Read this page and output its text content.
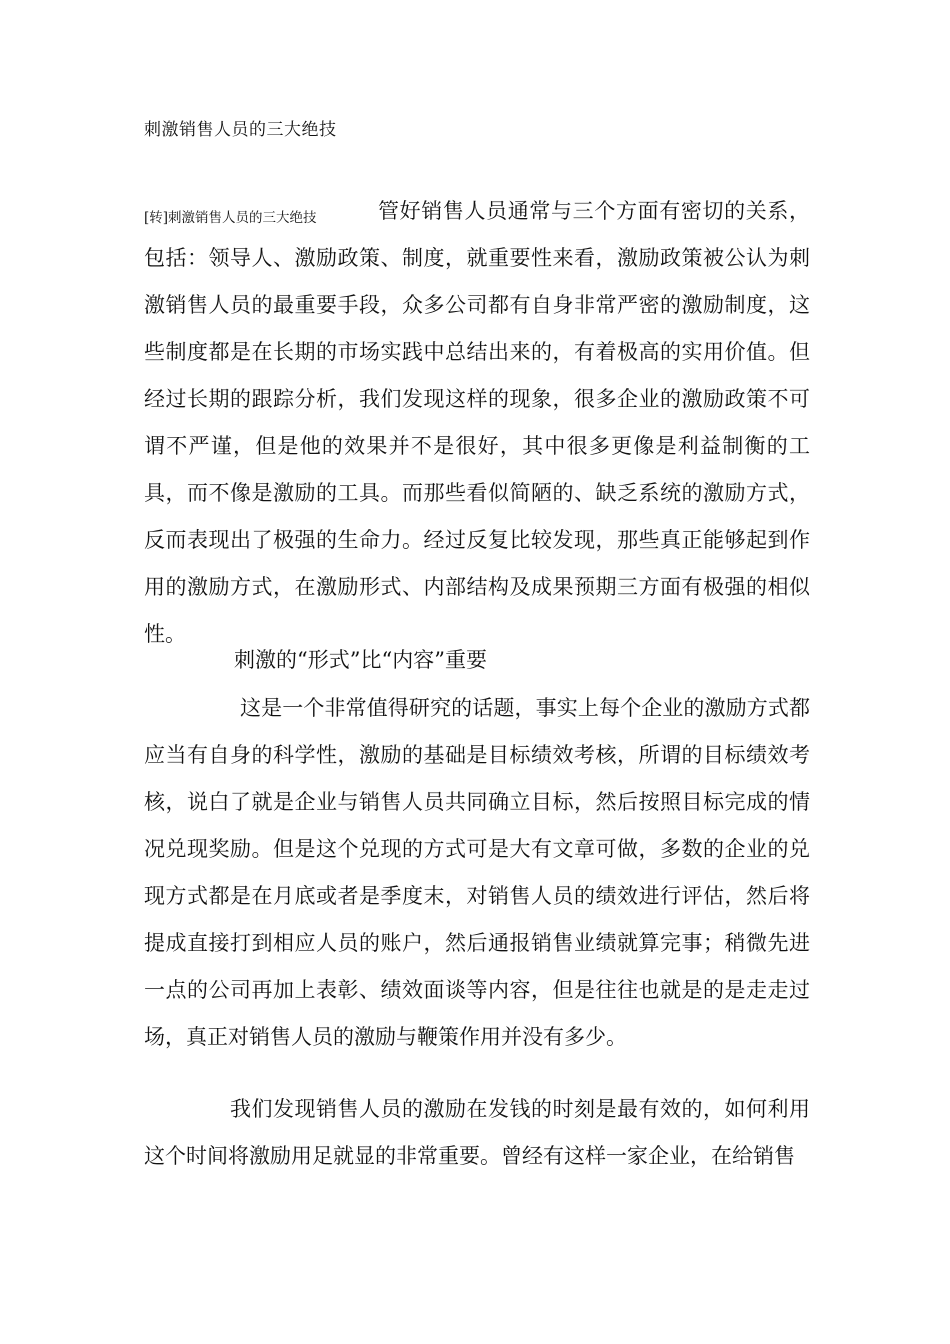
刺激销售人员的三大绝技
[转]刺激销售人员的三大绝技	管好销售人员通常与三个方面有密切的关系，包括：领导人、激励政策、制度，就重要性来看，激励政策被公认为刺激销售人员的最重要手段，众多公司都有自身非常严密的激励制度，这些制度都是在长期的市场实践中总结出来的，有着极高的实用价值。但经过长期的跟踪分析，我们发现这样的现象，很多企业的激励政策不可谓不严谨，但是他的效果并不是很好，其中很多更像是利益制衡的工具，而不像是激励的工具。而那些看似简陋的、缺乏系统的激励方式，反而表现出了极强的生命力。经过反复比较发现，那些真正能够起到作用的激励方式，在激励形式、内部结构及成果预期三方面有极强的相似性。

刺激的“形式”比“内容”重要

这是一个非常值得研究的话题，事实上每个企业的激励方式都应当有自身的科学性，激励的基础是目标绩效考核，所谓的目标绩效考核，说白了就是企业与销售人员共同确立目标，然后按照目标完成的情况兑现奖励。但是这个兑现的方式可是大有文章可做，多数的企业的兑现方式都是在月底或者是季度末，对销售人员的绩效进行评估，然后将提成直接打到相应人员的账户，然后通报销售业绩就算完事；稍微先进一点的公司再加上表彰、绩效面谈等内容，但是往往也就是的是走走过场，真正对销售人员的激励与鞭策作用并没有多少。

我们发现销售人员的激励在发钱的时刻是最有效的，如何利用这个时间将激励用足就显的非常重要。曾经有这样一家企业，在给销售
